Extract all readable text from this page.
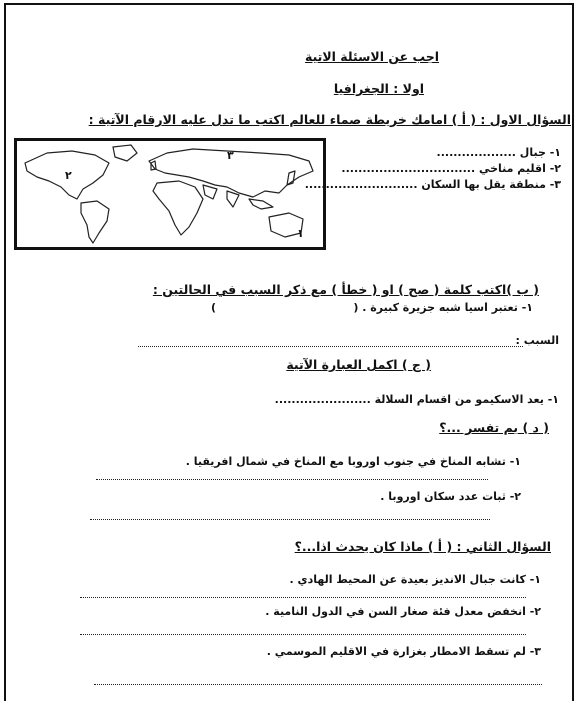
اجب عن الاسئلة الاتية
اولا : الجغرافيا
السؤال الاول : ( أ ) امامك خريطة صماء للعالم اكتب ما تدل عليه الارقام الآتية :
٣
٢
١
١- جبال ...................
٢- اقليم مناخي ................................
٣- منطقة يقل بها السكان ...........................
( ب )اكتب كلمة ( صح ) او ( خطأ ) مع ذكر السبب في الحالتين :
١- تعتبر اسيا شبه جزيرة كبيرة . (
)
السبب :
( ج ) اكمل العبارة الآتية
١- يعد الاسكيمو من اقسام السلالة .......................
( د ) بم تفسر ...؟
١- تشابه المناخ في جنوب اوروبا مع المناخ في شمال افريقيا .
٢- ثبات عدد سكان اوروبا .
السؤال الثاني : ( أ ) ماذا كان يحدث اذا...؟
١- كانت جبال الانديز بعيدة عن المحيط الهادي .
٢- انخفض معدل فئة صغار السن في الدول النامية .
٣- لم تسقط الامطار بغزارة في الاقليم الموسمي .
